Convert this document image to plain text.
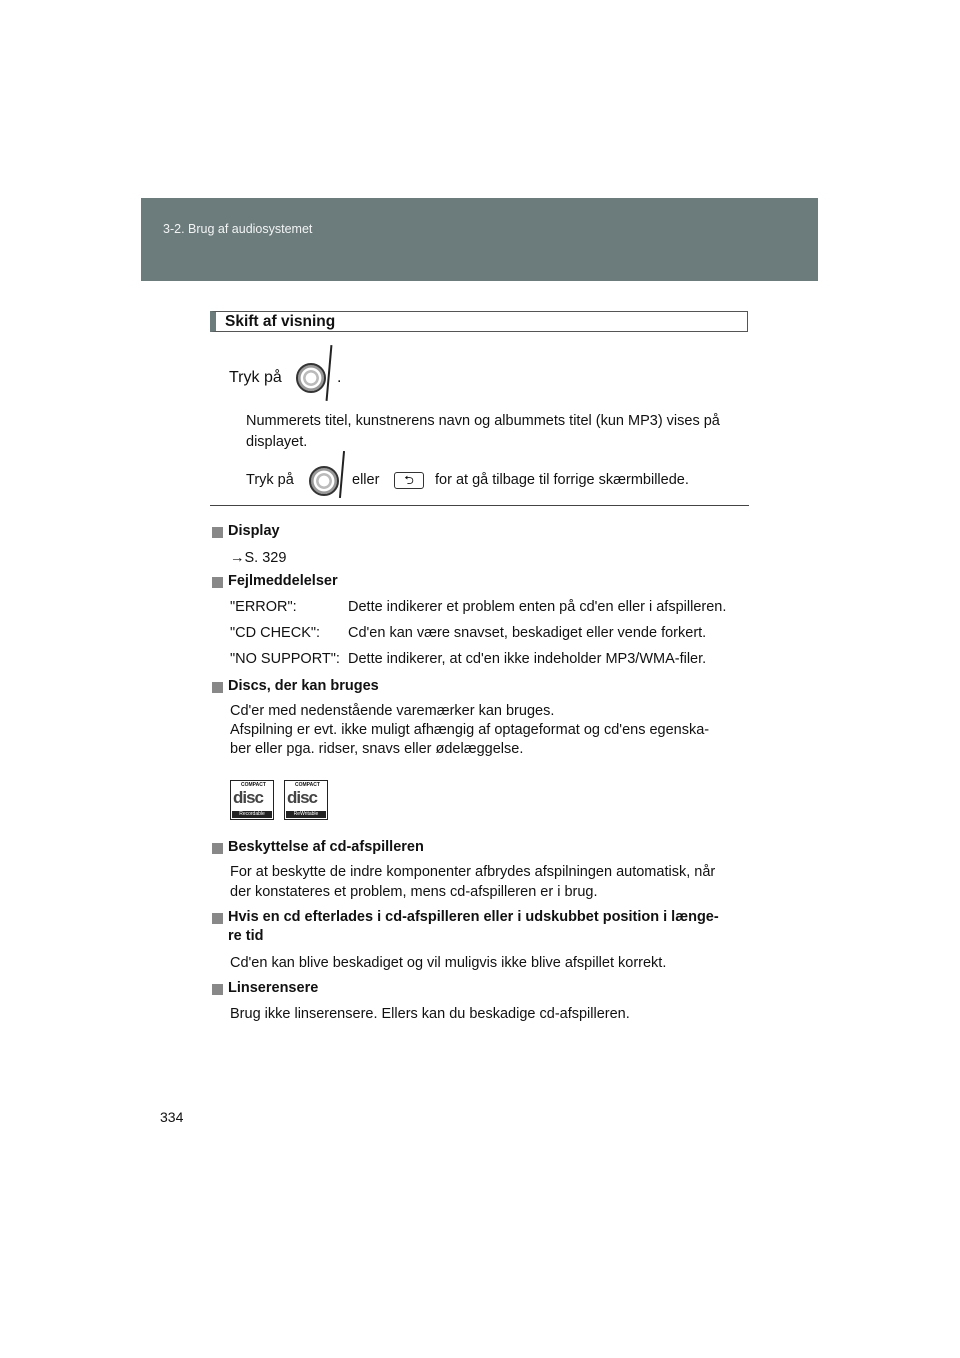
3-2. Brug af audiosystemet
Skift af visning
Tryk på	.
Nummerets titel, kunstnerens navn og albummets titel (kun MP3) vises på displayet.
Tryk på	eller	⮌	for at gå tilbage til forrige skærmbillede.
Display
→S. 329
Fejlmeddelelser
"ERROR":	Dette indikerer et problem enten på cd'en eller i afspilleren.
"CD CHECK": Cd'en kan være snavset, beskadiget eller vende forkert.
"NO SUPPORT": Dette indikerer, at cd'en ikke indeholder MP3/WMA-filer.
Discs, der kan bruges
Cd'er med nedenstående varemærker kan bruges.
Afspilning er evt. ikke muligt afhængig af optageformat og cd'ens egenska-
ber eller pga. ridser, snavs eller ødelæggelse.
COMPACT
disc
Recordable
COMPACT
disc
ReWritable
Beskyttelse af cd-afspilleren
For at beskytte de indre komponenter afbrydes afspilningen automatisk, når
der konstateres et problem, mens cd-afspilleren er i brug.
Hvis en cd efterlades i cd-afspilleren eller i udskubbet position i længe-
re tid
Cd'en kan blive beskadiget og vil muligvis ikke blive afspillet korrekt.
Linserensere
Brug ikke linserensere. Ellers kan du beskadige cd-afspilleren.
334
